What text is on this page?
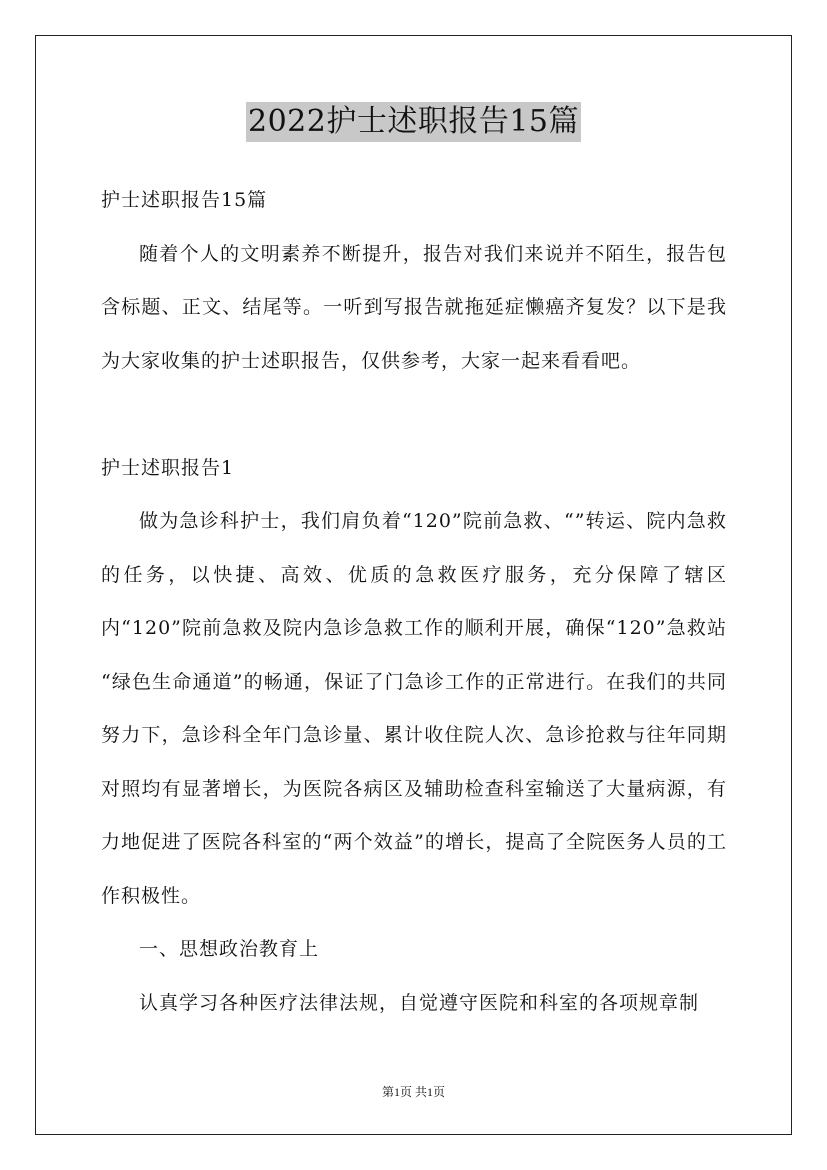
2022护士述职报告15篇

护士述职报告15篇

随着个人的文明素养不断提升，报告对我们来说并不陌生，报告包含标题、正文、结尾等。一听到写报告就拖延症懒癌齐复发？以下是我为大家收集的护士述职报告，仅供参考，大家一起来看看吧。

护士述职报告1

做为急诊科护士，我们肩负着“120”院前急救、“”转运、院内急救的任务，以快捷、高效、优质的急救医疗服务，充分保障了辖区内“120”院前急救及院内急诊急救工作的顺利开展，确保“120”急救站 “绿色生命通道”的畅通，保证了门急诊工作的正常进行。在我们的共同努力下，急诊科全年门急诊量、累计收住院人次、急诊抢救与往年同期对照均有显著增长，为医院各病区及辅助检查科室输送了大量病源，有力地促进了医院各科室的“两个效益”的增长，提高了全院医务人员的工作积极性。

一、思想政治教育上

认真学习各种医疗法律法规，自觉遵守医院和科室的各项规章制

第1页 共1页
